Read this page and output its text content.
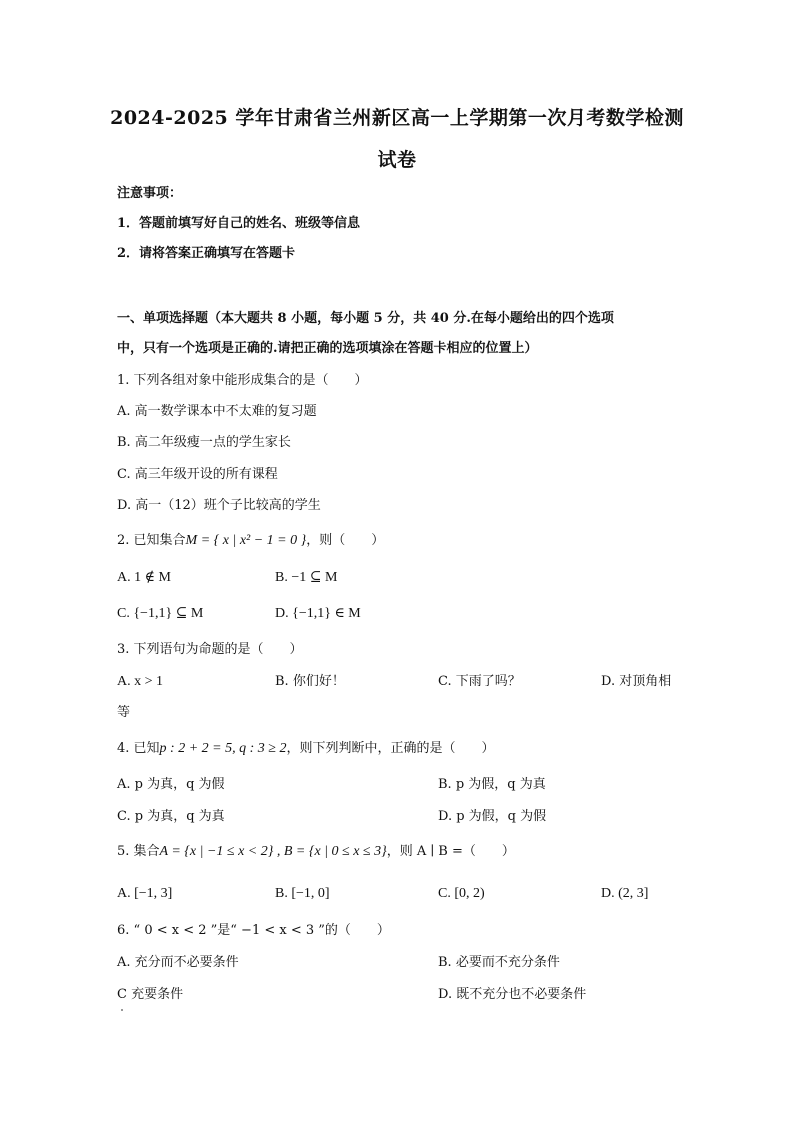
2024-2025 学年甘肃省兰州新区高一上学期第一次月考数学检测
试卷
注意事项：
1．答题前填写好自己的姓名、班级等信息
2．请将答案正确填写在答题卡
一、单项选择题（本大题共 8 小题，每小题 5 分，共 40 分.在每小题给出的四个选项
中，只有一个选项是正确的.请把正确的选项填涂在答题卡相应的位置上）
1. 下列各组对象中能形成集合的是（　　）
A. 高一数学课本中不太难的复习题
B. 高二年级瘦一点的学生家长
C. 高三年级开设的所有课程
D. 高一（12）班个子比较高的学生
2. 已知集合M = { x | x² − 1 = 0 }，则（　　）
A. 1 ∉ M	B. −1 ⊆ M
C. {−1,1} ⊆ M	D. {−1,1} ∈ M
3. 下列语句为命题的是（　　）
A. x > 1	B. 你们好！	C. 下雨了吗？	D. 对顶角相
等
4. 已知p : 2 + 2 = 5, q : 3 ≥ 2，则下列判断中，正确的是（　　）
A. p 为真，q 为假	B. p 为假，q 为真
C. p 为真，q 为真	D. p 为假，q 为假
5. 集合A = {x | −1 ≤ x < 2} , B = {x | 0 ≤ x ≤ 3}，则 A ∣ B =（　　）
A. [−1, 3]	B. [−1, 0]	C. [0, 2)	D. (2, 3]
6. “ 0 < x < 2 ”是“ −1 < x < 3 ”的（　　）
A. 充分而不必要条件	B. 必要而不充分条件
C 充要条件	D. 既不充分也不必要条件
